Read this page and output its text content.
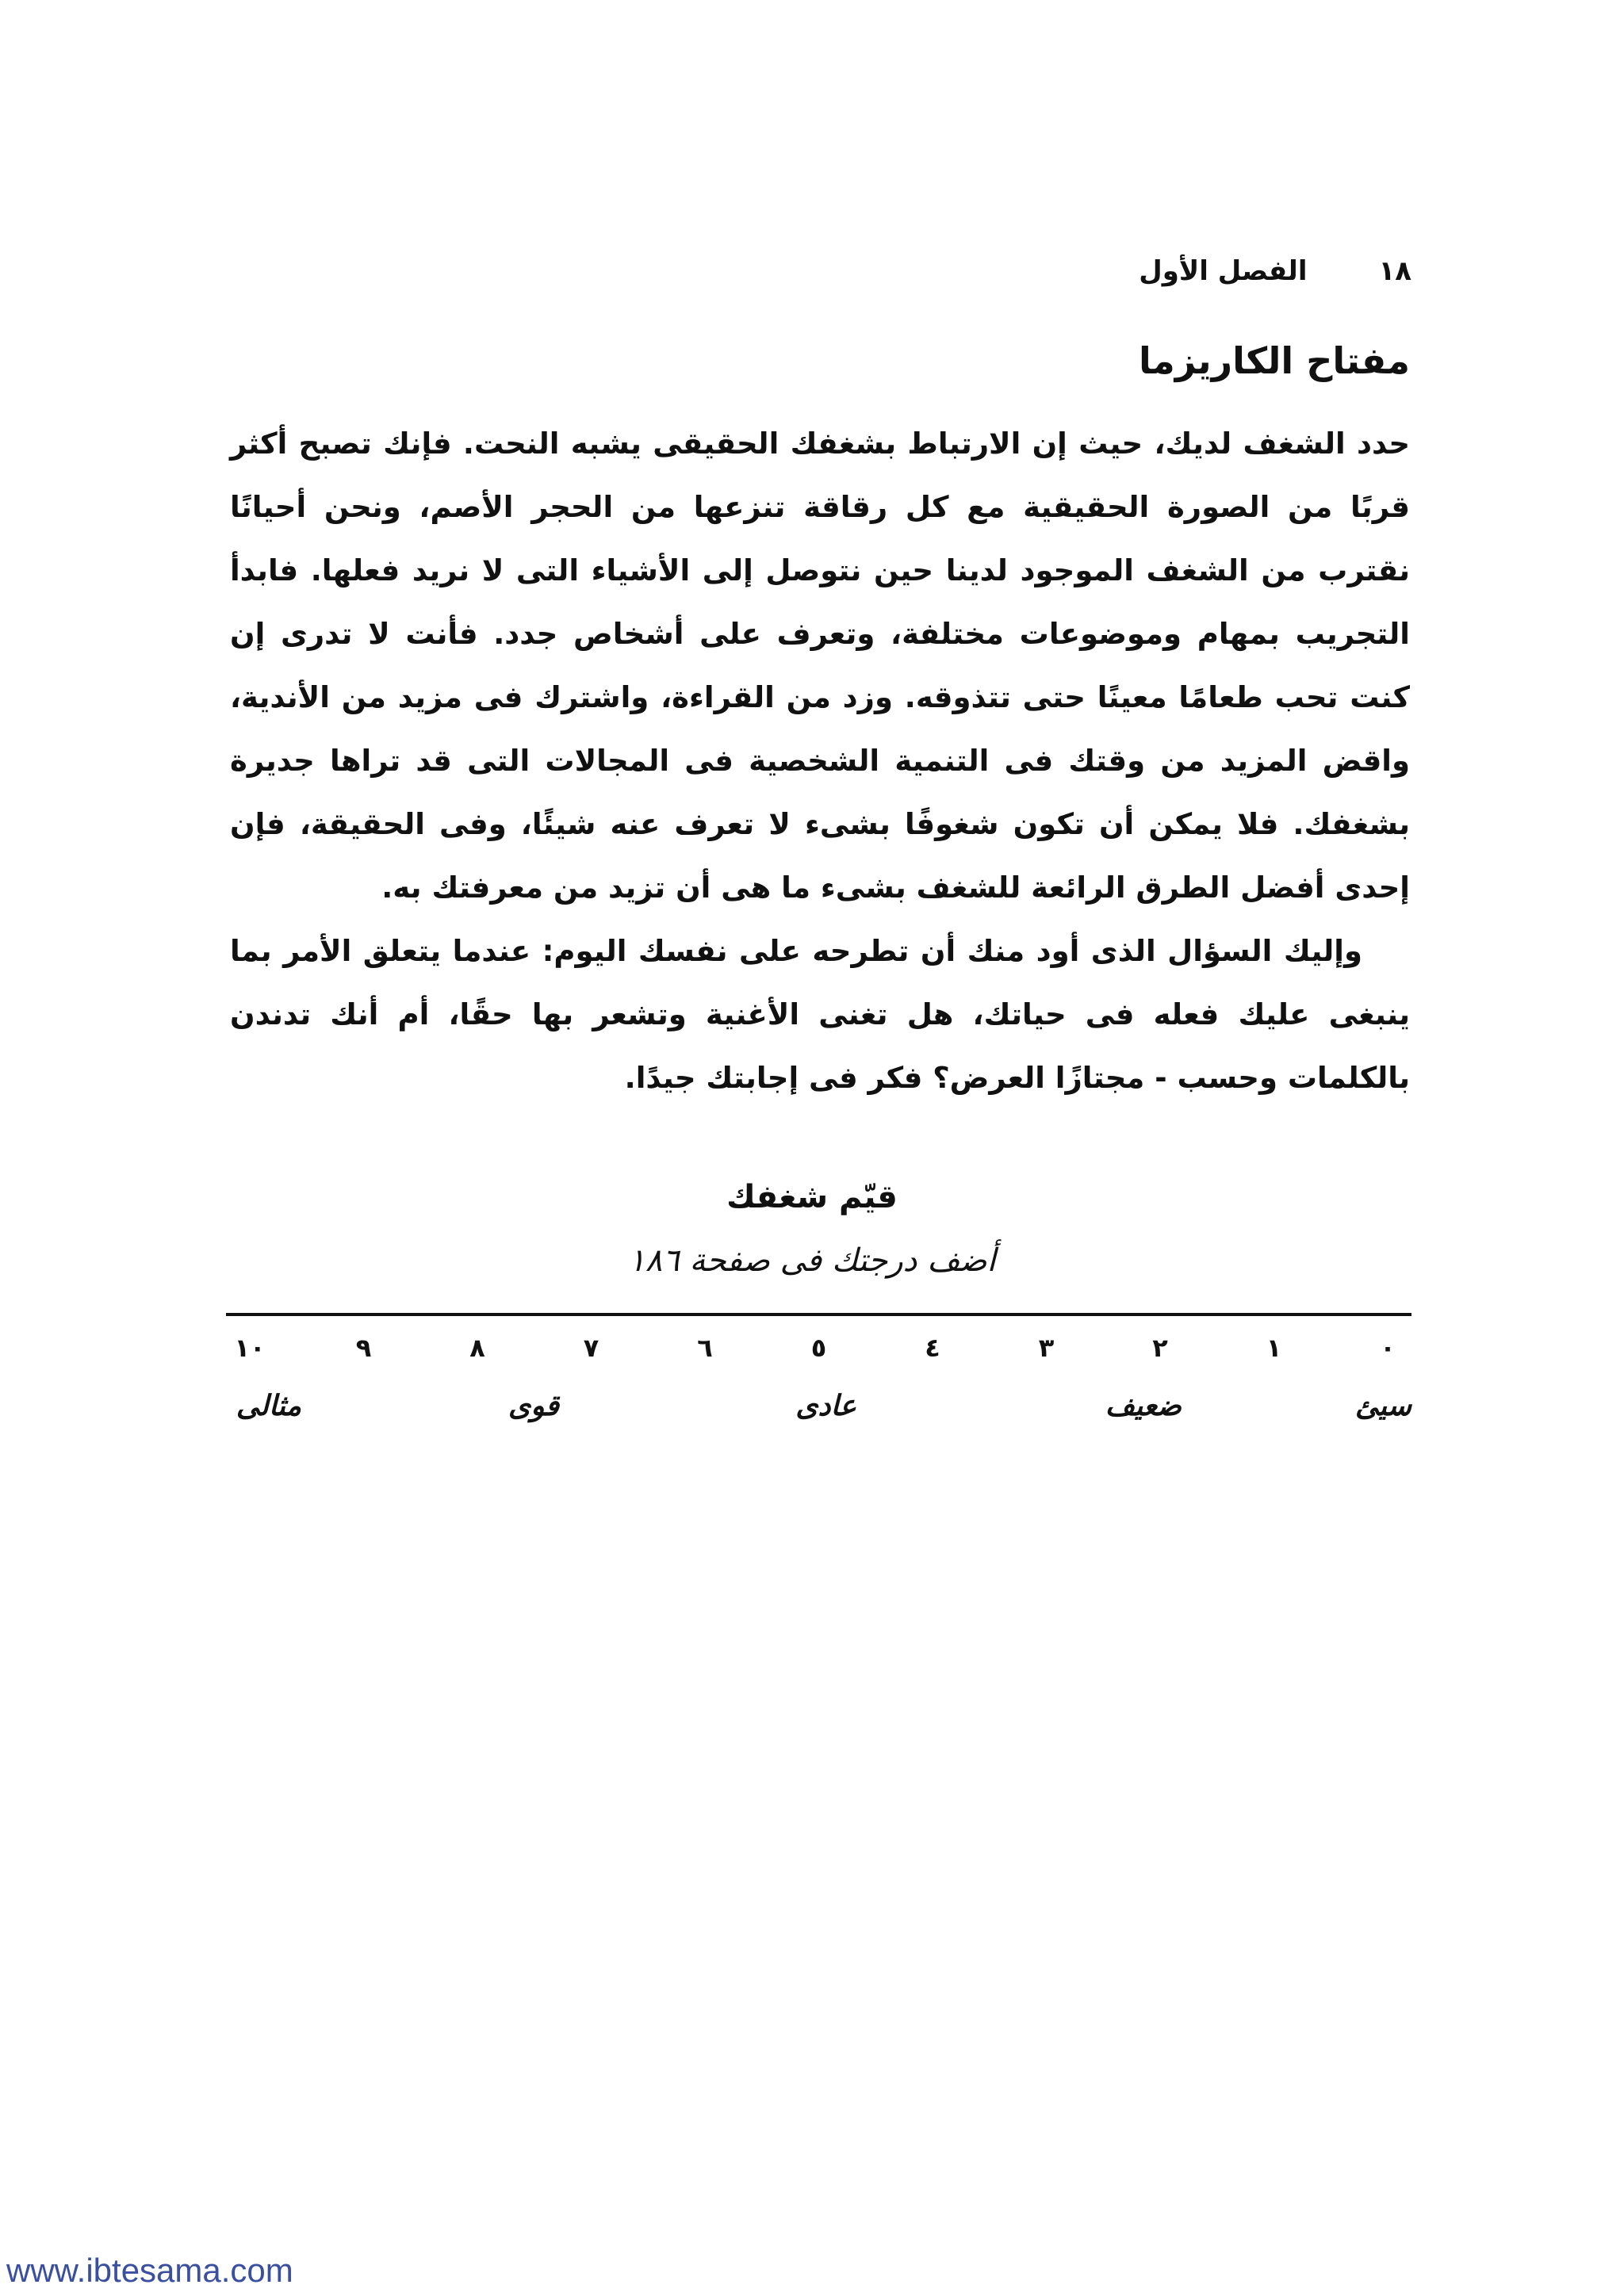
١٨
الفصل الأول
مفتاح الكاريزما

حدد الشغف لديك، حيث إن الارتباط بشغفك الحقيقى يشبه النحت. فإنك تصبح أكثر قربًا من الصورة الحقيقية مع كل رقاقة تنزعها من الحجر الأصم، ونحن أحيانًا نقترب من الشغف الموجود لدينا حين نتوصل إلى الأشياء التى لا نريد فعلها. فابدأ التجريب بمهام وموضوعات مختلفة، وتعرف على أشخاص جدد. فأنت لا تدرى إن كنت تحب طعامًا معينًا حتى تتذوقه. وزد من القراءة، واشترك فى مزيد من الأندية، واقض المزيد من وقتك فى التنمية الشخصية فى المجالات التى قد تراها جديرة بشغفك. فلا يمكن أن تكون شغوفًا بشىء لا تعرف عنه شيئًا، وفى الحقيقة، فإن إحدى أفضل الطرق الرائعة للشغف بشىء ما هى أن تزيد من معرفتك به.

وإليك السؤال الذى أود منك أن تطرحه على نفسك اليوم: عندما يتعلق الأمر بما ينبغى عليك فعله فى حياتك، هل تغنى الأغنية وتشعر بها حقًا، أم أنك تدندن بالكلمات وحسب - مجتازًا العرض؟ فكر فى إجابتك جيدًا.

قيّم شغفك
أضف درجتك فى صفحة ١٨٦
٠
١
٢
٣
٤
٥
٦
٧
٨
٩
١٠
سيئ
ضعيف
عادى
قوى
مثالى
www.ibtesama.com
